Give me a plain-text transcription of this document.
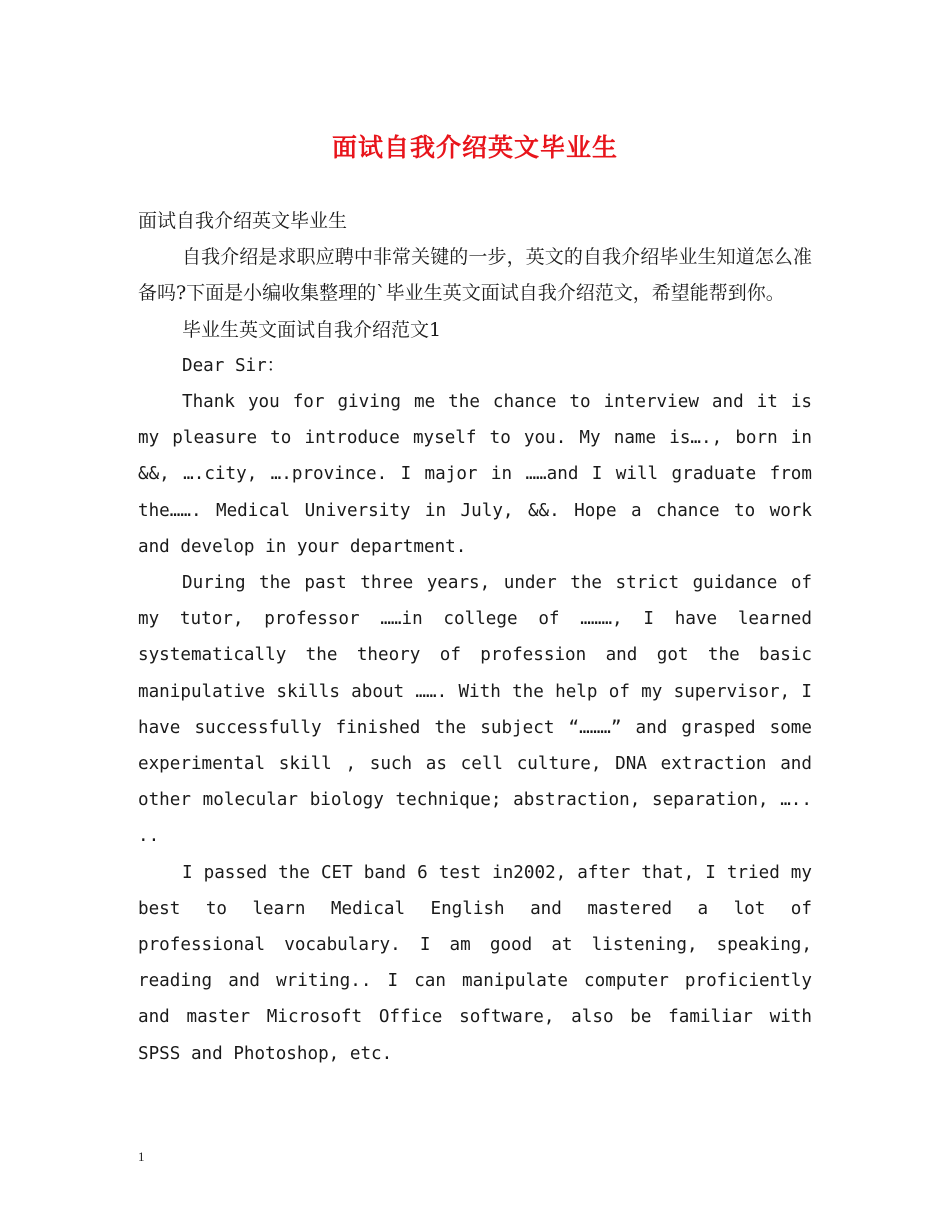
面试自我介绍英文毕业生

面试自我介绍英文毕业生

自我介绍是求职应聘中非常关键的一步，英文的自我介绍毕业生知道怎么准备吗?下面是小编收集整理的`毕业生英文面试自我介绍范文，希望能帮到你。

毕业生英文面试自我介绍范文1

Dear Sir：

Thank you for giving me the chance to interview and it is my pleasure to introduce myself to you. My name is…., born in &&, ….city, ….province. I major in ……and I will graduate from the……. Medical University in July, &&. Hope a chance to work and develop in your department.

During the past three years, under the strict guidance of my tutor, professor ……in college of ………, I have learned systematically the theory of profession and got the basic manipulative skills about ……. With the help of my supervisor, I have successfully finished the subject “………” and grasped some experimental skill , such as cell culture, DNA extraction and other molecular biology technique; abstraction, separation, ….. ..

I passed the CET band 6 test in2002, after that, I tried my best to learn Medical English and mastered a lot of professional vocabulary. I am good at listening, speaking, reading and writing.. I can manipulate computer proficiently and master Microsoft Office software, also be familiar with SPSS and Photoshop, etc.

1
